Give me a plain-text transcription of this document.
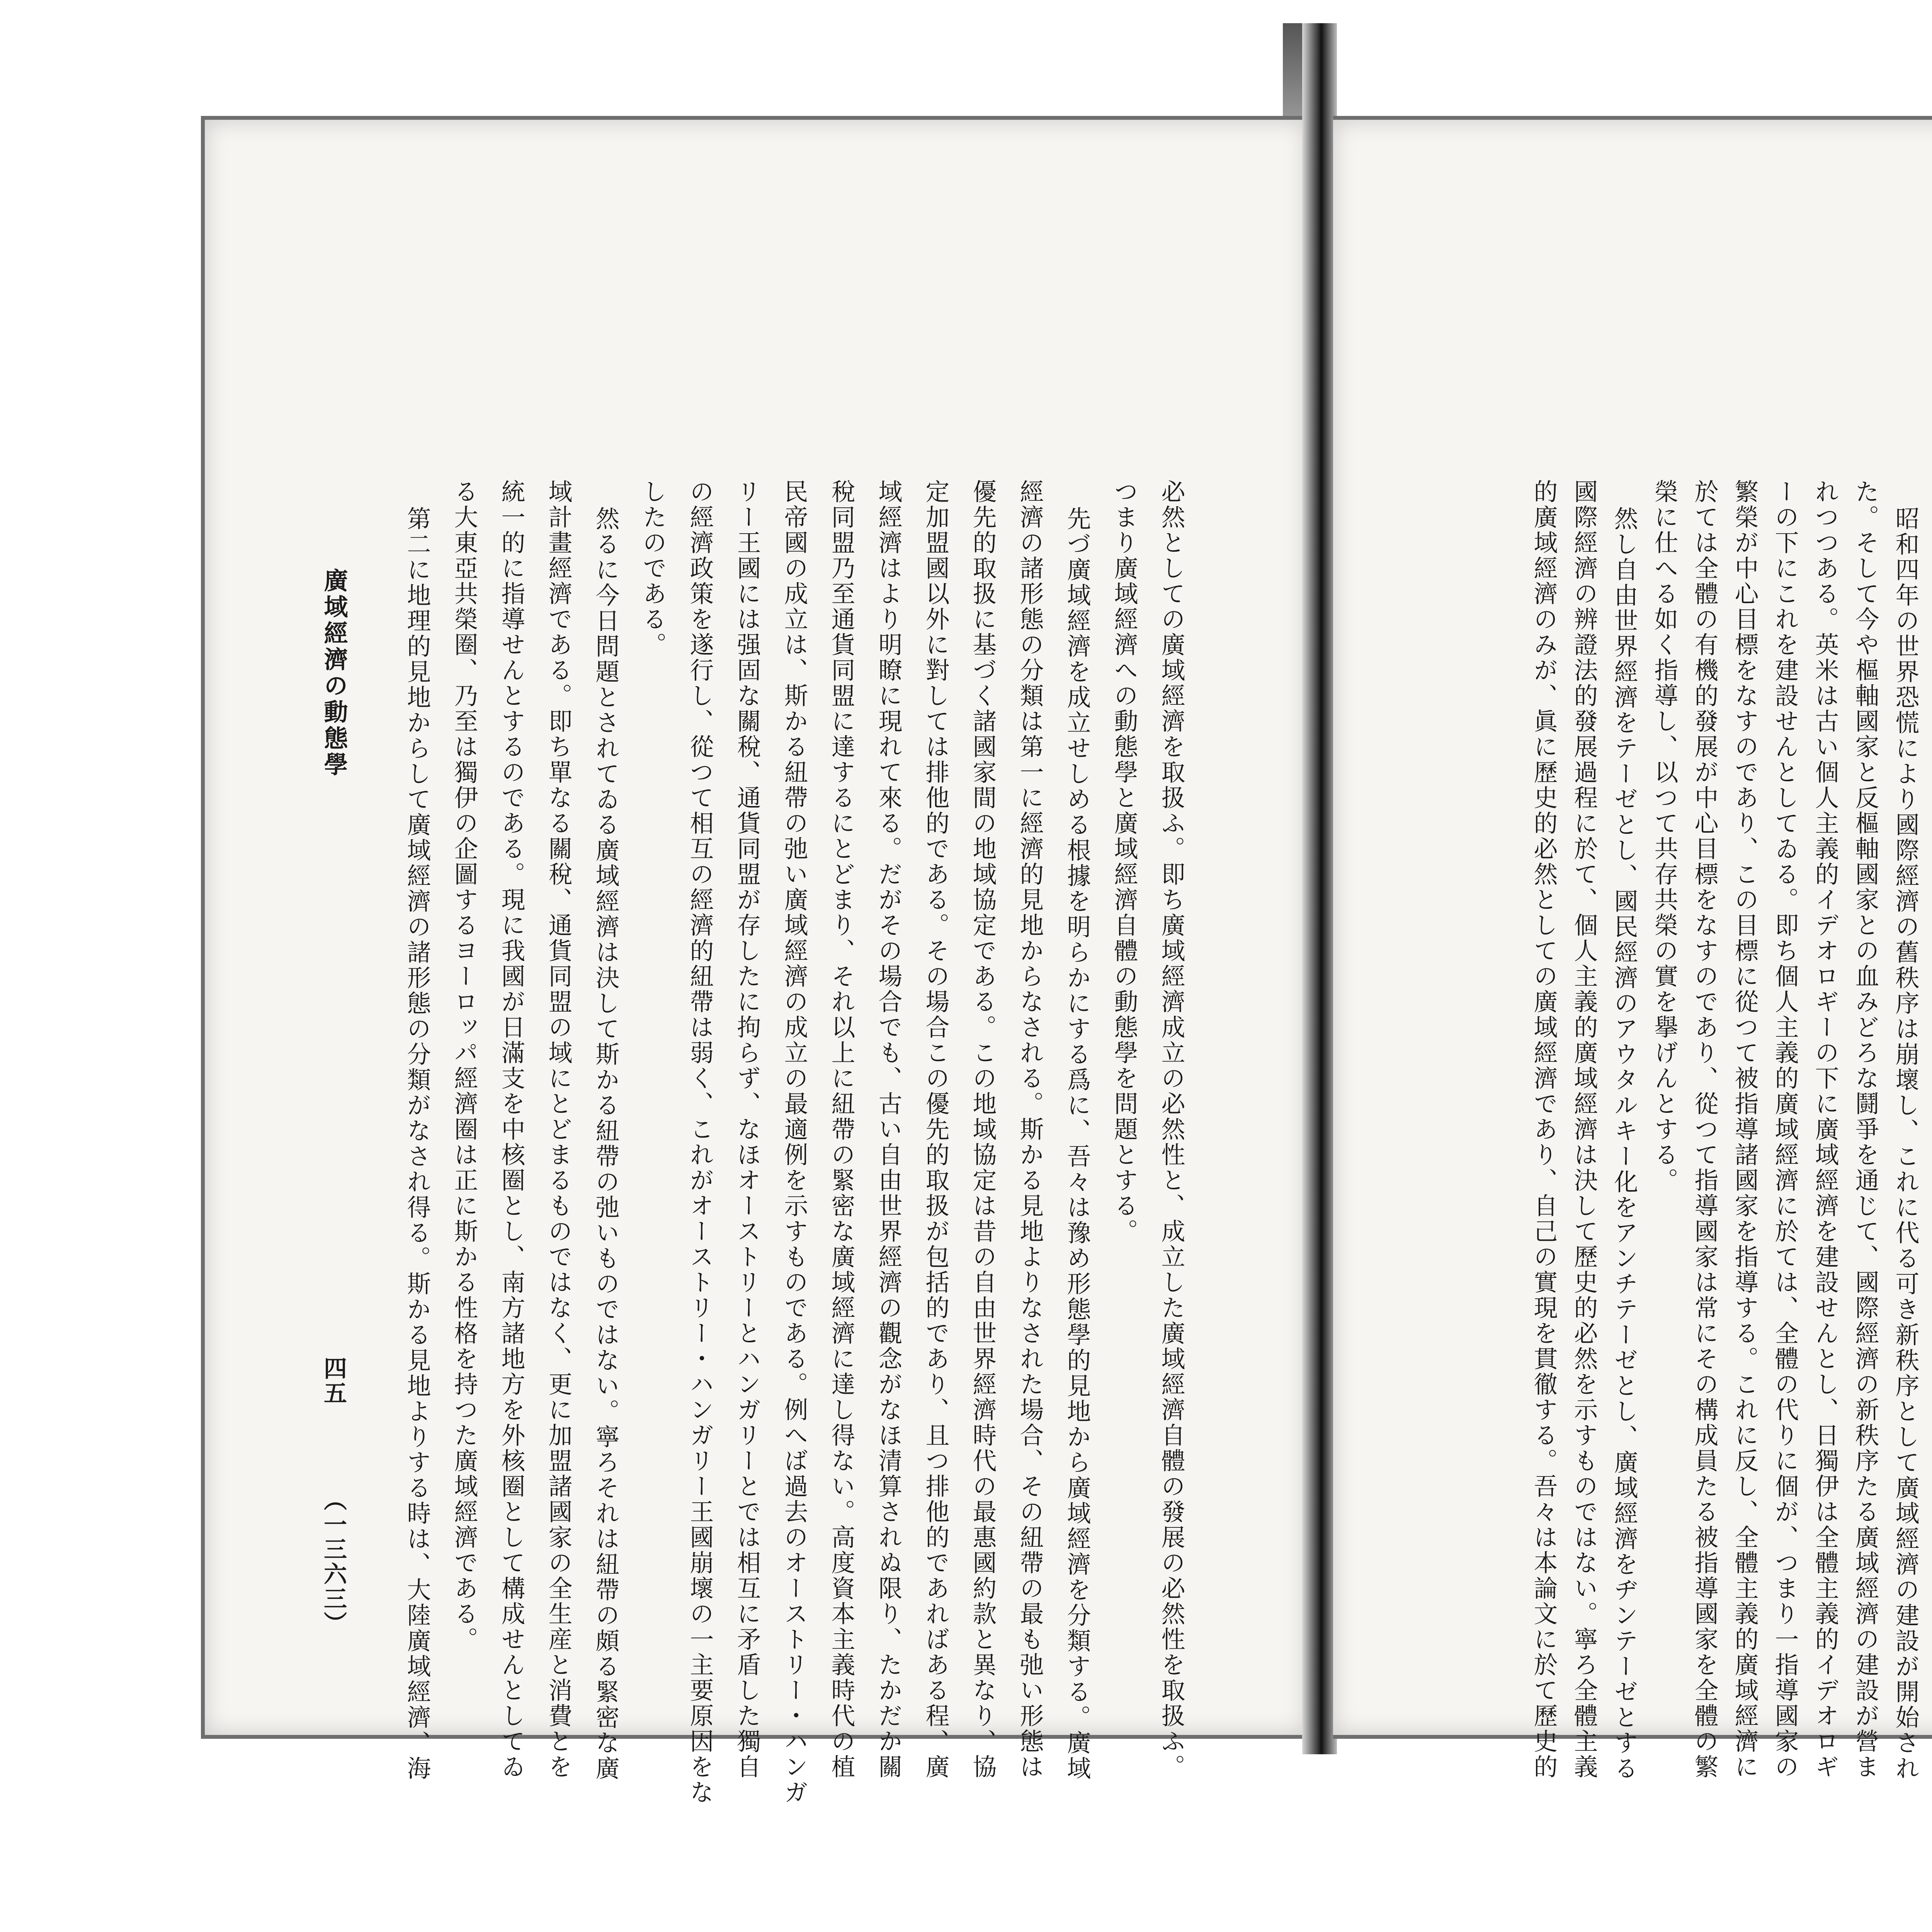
必然としての廣域經濟を取扱ふ。即ち廣域經濟成立の必然性と、成立した廣域經濟自體の發展の必然性を取扱ふ。

つまり廣域經濟への動態學と廣域經濟自體の動態學を問題とする。

先づ廣域經濟を成立せしめる根據を明らかにする爲に、吾々は豫め形態學的見地から廣域經濟を分類する。廣域

經濟の諸形態の分類は第一に經濟的見地からなされる。斯かる見地よりなされた場合、その紐帶の最も弛い形態は

優先的取扱に基づく諸國家間の地域協定である。この地域協定は昔の自由世界經濟時代の最惠國約款と異なり、協

定加盟國以外に對しては排他的である。その場合この優先的取扱が包括的であり、且つ排他的であればある程、廣

域經濟はより明瞭に現れて來る。だがその場合でも、古い自由世界經濟の觀念がなほ清算されぬ限り、たかだか關

稅同盟乃至通貨同盟に達するにとどまり、それ以上に紐帶の緊密な廣域經濟に達し得ない。高度資本主義時代の植

民帝國の成立は、斯かる紐帶の弛い廣域經濟の成立の最適例を示すものである。例へば過去のオーストリー・ハンガ

リー王國には强固な關稅、通貨同盟が存したに拘らず、なほオーストリーとハンガリーとでは相互に矛盾した獨自

の經濟政策を遂行し、從つて相互の經濟的紐帶は弱く、これがオーストリー・ハンガリー王國崩壞の一主要原因をな

したのである。

然るに今日問題とされてゐる廣域經濟は決して斯かる紐帶の弛いものではない。寧ろそれは紐帶の頗る緊密な廣

域計畫經濟である。即ち單なる關稅、通貨同盟の域にとどまるものではなく、更に加盟諸國家の全生産と消費とを

統一的に指導せんとするのである。現に我國が日滿支を中核圈とし、南方諸地方を外核圈として構成せんとしてゐ

る大東亞共榮圈、乃至は獨伊の企圖するヨーロッパ經濟圈は正に斯かる性格を持つた廣域經濟である。

第二に地理的見地からして廣域經濟の諸形態の分類がなされ得る。斯かる見地よりする時は、大陸廣域經濟、海

廣域經濟の動態學

四五

（一三六三）	昭和四年の世界恐慌により國際經濟の舊秩序は崩壞し、これに代る可き新秩序として廣域經濟の建設が開始され

た。そして今や樞軸國家と反樞軸國家との血みどろな鬪爭を通じて、國際經濟の新秩序たる廣域經濟の建設が營ま

れつつある。英米は古い個人主義的イデオロギーの下に廣域經濟を建設せんとし、日獨伊は全體主義的イデオロギ

ーの下にこれを建設せんとしてゐる。即ち個人主義的廣域經濟に於ては、全體の代りに個が、つまり一指導國家の

繁榮が中心目標をなすのであり、この目標に從つて被指導諸國家を指導する。これに反し、全體主義的廣域經濟に

於ては全體の有機的發展が中心目標をなすのであり、從つて指導國家は常にその構成員たる被指導國家を全體の繁

榮に仕へる如く指導し、以つて共存共榮の實を擧げんとする。

然し自由世界經濟をテーゼとし、國民經濟のアウタルキー化をアンチテーゼとし、廣域經濟をヂンテーゼとする

國際經濟の辨證法的發展過程に於て、個人主義的廣域經濟は決して歷史的必然を示すものではない。寧ろ全體主義

的廣域經濟のみが、眞に歷史的必然としての廣域經濟であり、自己の實現を貫徹する。吾々は本論文に於て歷史的
